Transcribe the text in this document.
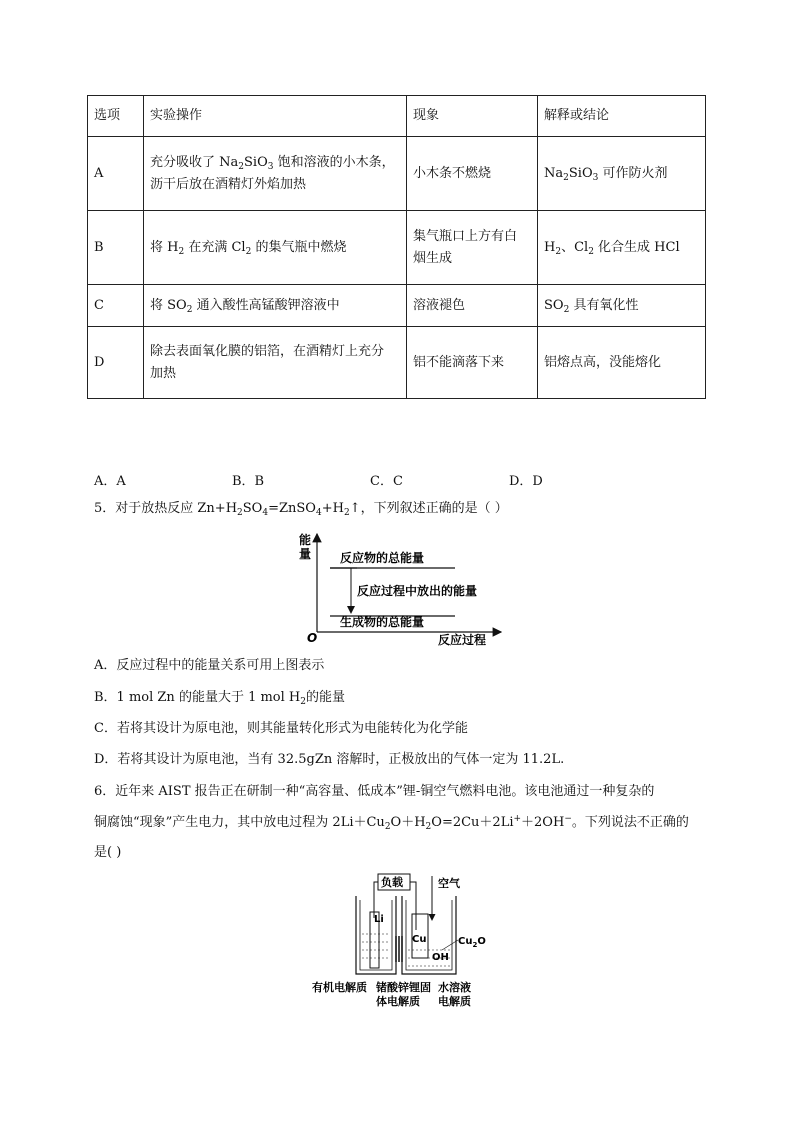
选项	实验操作	现象	解释或结论
A	充分吸收了 $Na_2SiO_3$ 饱和溶液的小木条，
沥干后放在酒精灯外焰加热	小木条不燃烧	$Na_2SiO_3$ 可作防火剂
B	将 $H_2$ 在充满 $Cl_2$ 的集气瓶中燃烧	集气瓶口上方有白
烟生成	$H_2$、$Cl_2$ 化合生成 HCl
C	将 $SO_2$ 通入酸性高锰酸钾溶液中	溶液褪色	$SO_2$ 具有氧化性
D	除去表面氧化膜的铝箔，在酒精灯上充分
加热	铝不能滴落下来	铝熔点高，没能熔化
A．A	B．B	C．C	D．D
5．对于放热反应 $Zn+H_2SO_4=ZnSO_4+H_2↑$，下列叙述正确的是（ ）
能
量 反应物的总能量
反应过程中放出的能量
生成物的总能量
O	反应过程
A．反应过程中的能量关系可用上图表示
B．1 mol Zn 的能量大于 1 mol $H_2$的能量
C．若将其设计为原电池，则其能量转化形式为电能转化为化学能
D．若将其设计为原电池，当有 32.5gZn 溶解时，正极放出的气体一定为 11.2L.
6．近年来 AIST 报告正在研制一种“高容量、低成本”锂-铜空气燃料电池。该电池通过一种复杂的
铜腐蚀“现象”产生电力，其中放电过程为 $2Li+Cu_2O+H_2O=2Cu+2Li^++2OH^-$。下列说法不正确的
是( )
负载	空气
Li
Cu	$Cu_2O$
OH
有机电解质 锗酸锌锂固
体电解质
水溶液
电解质
